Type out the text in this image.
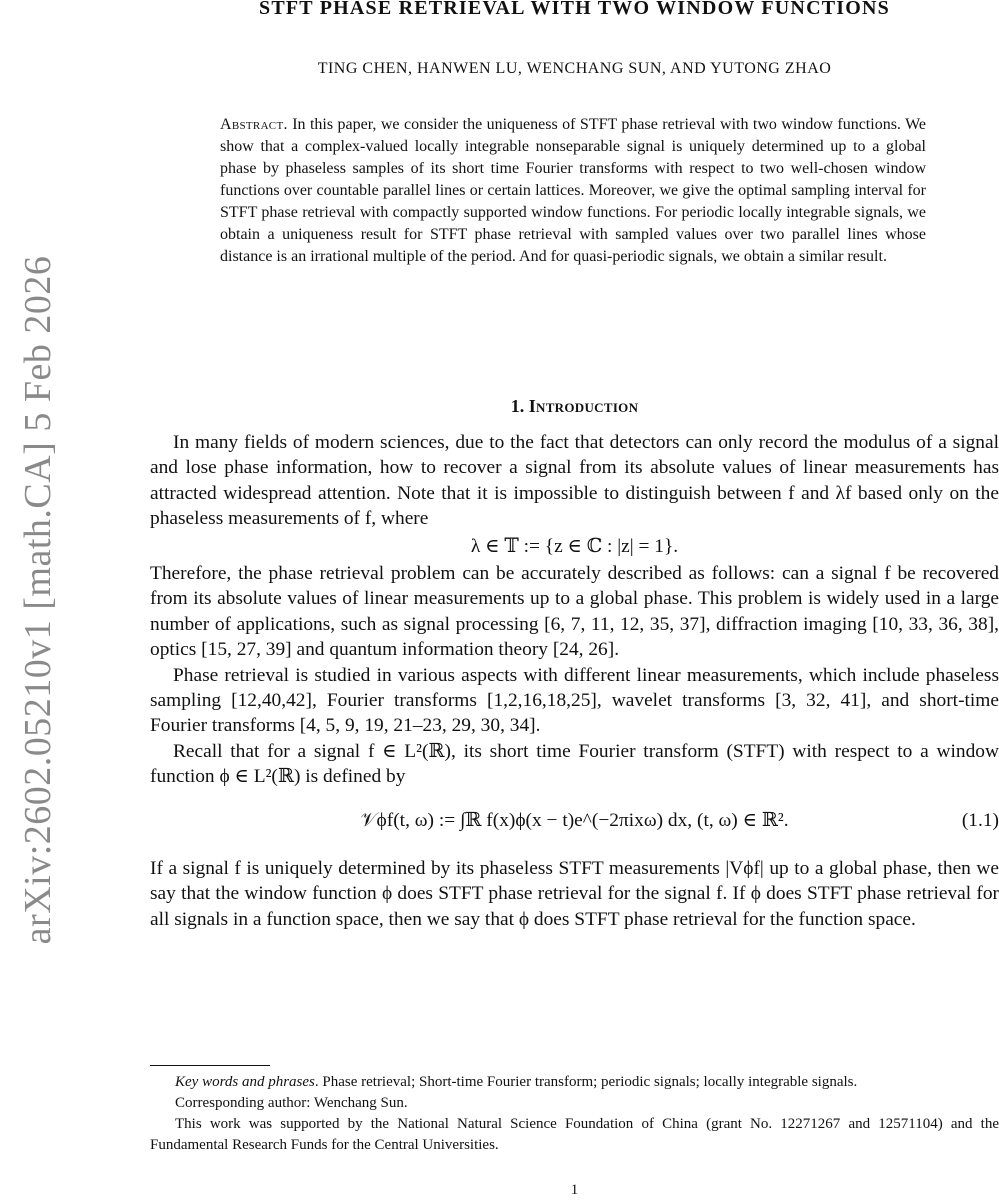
arXiv:2602.05210v1 [math.CA] 5 Feb 2026
STFT PHASE RETRIEVAL WITH TWO WINDOW FUNCTIONS
TING CHEN, HANWEN LU, WENCHANG SUN, AND YUTONG ZHAO

Abstract. In this paper, we consider the uniqueness of STFT phase retrieval with two window functions. We show that a complex-valued locally integrable nonseparable signal is uniquely determined up to a global phase by phaseless samples of its short time Fourier transforms with respect to two well-chosen window functions over countable parallel lines or certain lattices. Moreover, we give the optimal sampling interval for STFT phase retrieval with compactly supported window functions. For periodic locally integrable signals, we obtain a uniqueness result for STFT phase retrieval with sampled values over two parallel lines whose distance is an irrational multiple of the period. And for quasi-periodic signals, we obtain a similar result.

1. Introduction

In many fields of modern sciences, due to the fact that detectors can only record the modulus of a signal and lose phase information, how to recover a signal from its absolute values of linear measurements has attracted widespread attention. Note that it is impossible to distinguish between f and λf based only on the phaseless measurements of f, where

λ ∈ 𝕋 := {z ∈ ℂ : |z| = 1}.

Therefore, the phase retrieval problem can be accurately described as follows: can a signal f be recovered from its absolute values of linear measurements up to a global phase. This problem is widely used in a large number of applications, such as signal processing [6, 7, 11, 12, 35, 37], diffraction imaging [10, 33, 36, 38], optics [15, 27, 39] and quantum information theory [24, 26].

Phase retrieval is studied in various aspects with different linear measurements, which include phaseless sampling [12,40,42], Fourier transforms [1,2,16,18,25], wavelet transforms [3, 32, 41], and short-time Fourier transforms [4, 5, 9, 19, 21–23, 29, 30, 34].

Recall that for a signal f ∈ L²(ℝ), its short time Fourier transform (STFT) with respect to a window function ϕ ∈ L²(ℝ) is defined by

𝒱ϕf(t, ω) := ∫ℝ f(x)ϕ(x − t)e^(−2πixω) dx, (t, ω) ∈ ℝ².	(1.1)

If a signal f is uniquely determined by its phaseless STFT measurements |Vϕf| up to a global phase, then we say that the window function ϕ does STFT phase retrieval for the signal f. If ϕ does STFT phase retrieval for all signals in a function space, then we say that ϕ does STFT phase retrieval for the function space.

Key words and phrases. Phase retrieval; Short-time Fourier transform; periodic signals; locally integrable signals.

Corresponding author: Wenchang Sun.

This work was supported by the National Natural Science Foundation of China (grant No. 12271267 and 12571104) and the Fundamental Research Funds for the Central Universities.

1
